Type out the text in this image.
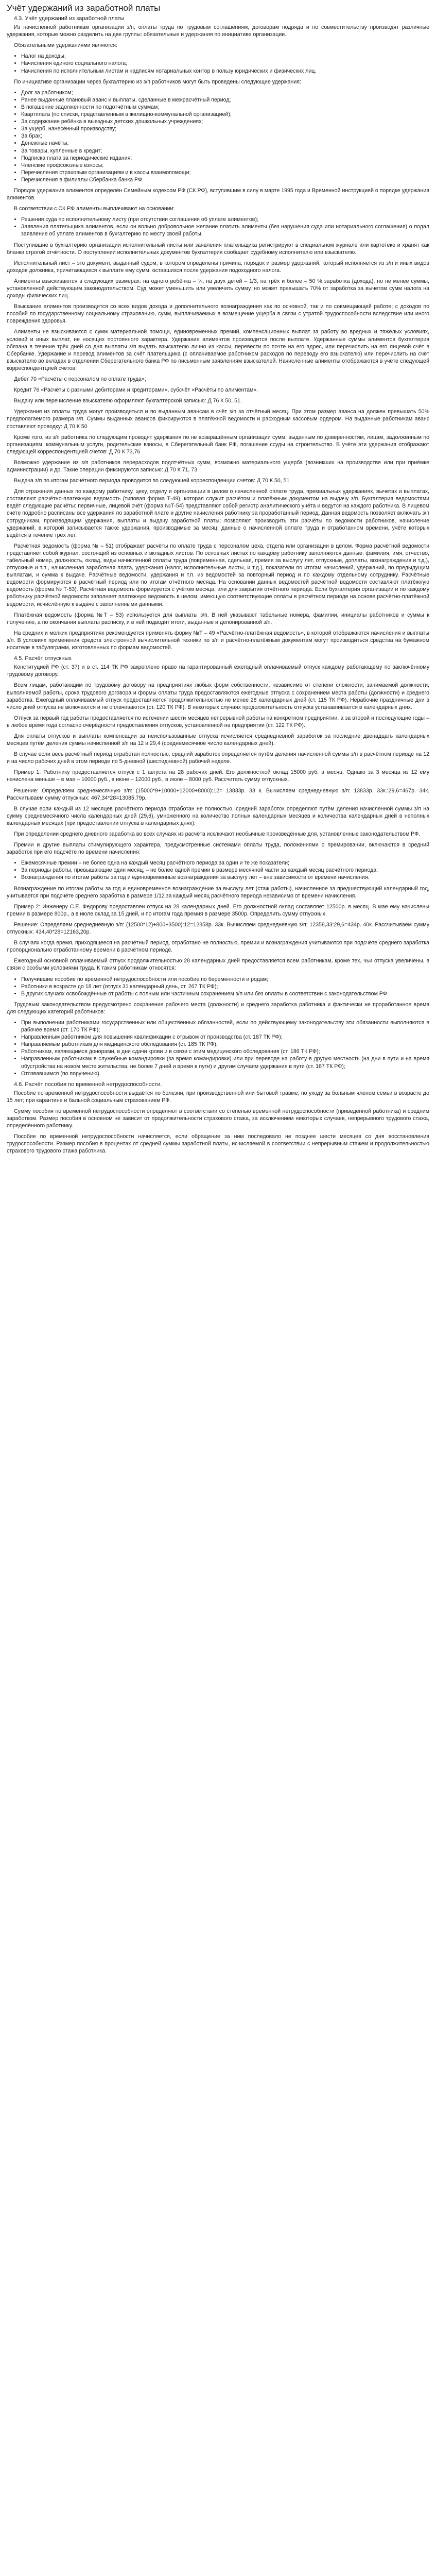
Учёт удержаний из заработной платы
4.3. Учёт удержаний из заработной платы

Из начисленной работникам организации з/п, оплаты труда по трудовым соглашениям, договорам подряда и по совместительству производят различные удержания, которые можно разделить на две группы: обязательные и удержания по инициативе организации.

Обязательными удержаниями являются:

• Налог на доходы;
• Начисления единого социального налога;
• Начисления по исполнительным листам и надписям нотариальных контор в пользу юридических и физических лиц.

По инициативе организации через бухгалтерию из з/п работников могут быть проведены следующие удержания:

• Долг за работником;
• Ранее выданные плановый аванс и выплаты, сделанные в межрасчётный период;
• В погашение задолженности по подотчётным суммам;
• Квартплата (по списки, представленным в жилищно-коммунальной организацией);
• За содержание ребёнка в выездных детских дошкольных учреждениях;
• За ущерб, нанесённый производству;
• За брак;
• Денежные начёты;
• За товары, купленные в кредит;
• Подписка плата за периодические издания;
• Членские профсоюзные взносы;
• Перечисления страховым организациям и в кассы взаимопомощи;
• Перечисления в филиалы Сбербанка банка РФ.

Порядок удержания алиментов определён Семейным кодексом РФ (СК РФ), вступившим в силу в марте 1995 года и Временной инструкцией о порядке удержания алиментов.

В соответствии с СК РФ алименты выплачивают на основании:

• Решения суда по исполнительному листу (при отсутствии соглашения об уплате алиментов);
• Заявления плательщика алиментов, если он вольно добровольное желание платить алименты (без нарушения суда или нотариального соглашения) о подал заявление об уплате алиментов в бухгалтерию по месту своей работы.

Поступившие в бухгалтерию организации исполнительный листы или заявления плательщика регистрируют в специальном журнале или картотеке и хранят как бланки строгой отчётности. О поступлении исполнительных документов бухгалтерия сообщает судебному исполнителю или взыскателю.

Исполнительный лист – это документ, выданный судом, в котором определены причина, порядок и размер удержаний, который исполняется из з/п и иных видов доходов должника, причитающихся к выплате ему сумм, оставшихся после удержания подоходного налога.

Алименты взыскиваются в следующих размерах: на одного ребёнка – ¼, на двух детей – 1/3, на трёх и более – 50 % заработка (дохода), но не менее суммы, установленной действующим законодательством. Суд может уменьшить или увеличить сумму, но может превышать 70% от заработка за вычетом сумм налога на доходы физических лиц.

Взыскание алиментов производится со всех видов дохода и дополнительного вознаграждения как по основной, так и по совмещающей работе; с доходов по пособий по государственному социальному страхованию, сумм, выплачиваемых в возмещение ущерба в связи с утратой трудоспособности вследствие или иного повреждения здоровья.

Алименты не взыскиваются с сумм материальной помощи, единовременных премий, компенсационных выплат за работу во вредных и тяжёлых условиях, условий и иных выплат, не носящих постоянного характера. Удержание алиментов производится после выплате. Удержанные суммы алиментов бухгалтерия обязана в течение трёх дней со дня выплаты з/п выдать взыскателю лично из кассы, перевести по почте на его адрес, или перечислить на его лицевой счёт в Сбербанке. Удержание и перевод алиментов за счёт плательщика (с оплачиваемое работником расходов по переводу его взыскателю) или перечислить на счёт взыскателю во вкладах в отделении Сберегательного банка РФ по письменным заявлениям взыскателей. Начисленные алименты отображаются в учёте следующей корреспондентцией счетов:

Дебет 70 «Расчёты с персоналом по оплате труда»;

Кредит 76 «Расчёты с разными дебиторами и кредиторами», субсчёт «Расчёты по алиментам».

Выдачу или перечисление взыскателю оформляют бухгалтерской записью: Д 76 К 50, 51.

Удержания из оплаты труда могут производиться и по выданным авансам в счёт з/п за отчётный месяц. При этом размер аванса на должен превышать 50% предполагаемого размера з/п. Суммы выданных авансов фиксируются в платёжной ведомости и расходным кассовым ордером. На выданные работникам аванс составляют проводку: Д 70 К 50

Кроме того, из з/п работника по следующим проводят удержания по не возвращённым организации сумм, выданным по доверенностям, лицам, задолженным по организациям, коммунальным услуги, родительские взносы, в Сберегательный банк РФ, погашение ссуды на строительство. В учёте эти удержания отображают следующей корреспондентцией счетов: Д 70 К 73,76

Возможно удержание из з/п работников перерасходов подотчётных сумм, возможно материального ущерба (возникших на производстве или при приёмке администрации) и др. Такие операции фиксируются записью: Д 70 К 71, 73

Выдача з/п по итогам расчётного периода проводится по следующей корреспонденции счетов: Д 70 К 50, 51

Для отражения данных по каждому работнику, цеху, отделу и организации в целом о начисленной оплате труда, премиальных удержаниях, вычетах и выплатах, составляют расчётно-платёжную ведомость (типовая форма Т-49), которая служит расчётом и платёжным документом на выдачу з/п. Бухгалтерия ведомостями ведёт следующие расчёты: первичные, лицевой счёт (форма №Т-54) представляют собой регистр аналитического учёта и ведутся на каждого работника. В лицевом счёте подробно расписаны все удержания по заработной плате и другие начисления работнику за проработанный период. Данная ведомость позволяет включать з/п сотрудникам, производящим удержания, выплаты и выдачу заработной платы; позволяют производить эти расчёты по ведомости работников, начисление удержаний, в которой записывается также удержания, производимые за месяц; данные о начисленной оплате труда и отработанном времени, учёте которых ведётся в течение трёх лет.

Расчётная ведомость (форма № – 51) отображает расчёты по оплате труда с персоналом цеха, отдела или организации в целом. Форма расчётной ведомости представляет собой журнал, состоящий из основных и вкладных листов. По основных листах по каждому работнику заполняются данные: фамилия, имя, отчество, табельный номер, должность, оклад, виды начисленной оплаты труда (повременная, сдельная, премия за выслугу лет, отпускные, доплаты, вознаграждения и т.д.), отпускные и т.п., начисленная заработная плата, удержания (налог, исполнительные листы, и т.д.), показатели по итогам начислений, удержаний, по предыдущим выплатам, и сумма к выдаче. Расчётные ведомости, удержания и т.п. из ведомостей за повторный период и по каждому отдельному сотруднику. Расчётные ведомости формируются в расчётный период или по итогам отчётного месяца. На основании данных ведомостей расчётной ведомости составляют платёжную ведомость (форма № Т-53). Расчётная ведомость формируется с учётом месяца, или для закрытия отчётного периода. Если бухгалтерия организации и по каждому работнику расчётной ведомости заполняет платёжную ведомость в целом, имеющую соответствующие оплаты в расчётном периоде на основе расчётно-платёжной ведомости, исчислённую к выдаче с заполненными данными.

Платёжная ведомость (форма №Т – 53) используется для выплаты з/п. В ней указывают табельные номера, фамилии, инициалы работников и суммы к получению, а по окончании выплаты расписку, и в ней подводят итоги, выданные и депонированной з/п.

На средних и мелких предприятиях рекомендуется применять форму №Т – 49 «Расчётно-платёжная ведомость», в которой отображаются начисления и выплаты з/п. В условиях применения средств электронной вычислительной техники по з/п и расчётно-платёжным документам могут производиться средства на бумажном носителе в табуляграмм, изготовленных по формам ведомостей.

4.5. Расчёт отпускных

Конституцией РФ (ст. 37) и в ст. 114 ТК РФ закреплено право на гарантированный ежегодный оплачиваемый отпуск каждому работающему по заключённому трудовому договору.

Всем лицам, работающим по трудовому договору на предприятиях любых форм собственности, независимо от степени сложности, занимаемой должности, выполняемой работы, срока трудового договора и формы оплаты труда предоставляются ежегодные отпуска с сохранением места работы (должности) и среднего заработка. Ежегодный оплачиваемый отпуск предоставляется продолжительностью не менее 28 календарных дней (ст. 115 ТК РФ). Нерабочие праздничные дни в число дней отпуска не включаются и не оплачиваются (ст. 120 ТК РФ). В некоторых случаях продолжительность отпуска устанавливается в календарных днях.

Отпуск за первый год работы предоставляется по истечении шести месяцев непрерывной работы на конкретном предприятии, а за второй и последующие годы – в любое время года согласно очерёдности предоставления отпусков, установленной на предприятии (ст. 122 ТК РФ).

Для оплаты отпусков и выплаты компенсации за неиспользованные отпуска исчисляется среднедневной заработок за последние двенадцать календарных месяцев путём деления суммы начисленной з/п на 12 и 29,4 (среднемесячное число календарных дней).

В случае если весь расчётный период отработан полностью, средний заработок определяется путём деления начисленной суммы з/п в расчётном периоде на 12 и на число рабочих дней в этом периоде по 5-дневной (шестидневной) рабочей неделе.

Пример 1: Работнику предоставляется отпуск с 1 августа на 28 рабочих дней. Его должностной оклад 15000 руб. в месяц. Однако за 3 месяца из 12 ему начислена меньше – в мае – 10000 руб., в июне – 12000 руб., в июле – 8000 руб. Рассчитать сумму отпускных.

Решение: Определяем среднемесячную з/п: (15000*9+10000+12000+8000):12= 13833р. 33 к. Вычисляем среднедневную з/п: 13833р. 33к.:29,6=467р. 34к. Рассчитываем сумму отпускных: 467,34*28=13085,79р.

В случае если каждый из 12 месяцев расчётного периода отработан не полностью, средний заработок определяют путём деления начисленной суммы з/п на сумму среднемесячного числа календарных дней (29,6), умноженного на количество полных календарных месяцев и количества календарных дней в неполных календарных месяцах (при предоставлении отпуска в календарных днях):

При определении среднего дневного заработка во всех случаях из расчёта исключают необычные произведённые для, установленные законодательством РФ.

Премии и другие выплаты стимулирующего характера, предусмотренные системами оплаты труда, положениями о премировании, включаются в средний заработок при его подсчёте по времени начисления:

• Ежемесячные премии – не более одна на каждый месяц расчётного периода за один и те же показатели;
• За периоды работы, превышающие один месяц, – не более одной премии в размере месячной части за каждый месяц расчётного периода;
• Вознаграждения по итогам работы за год и единовременные вознаграждения за выслугу лет – вне зависимости от времени начисления.

Вознаграждение по итогам работы за год и единовременное вознаграждение за выслугу лет (стаж работы), начисленное за предшествующий календарный год, учитывается при подсчёте среднего заработка в размере 1/12 за каждый месяц расчётного периода независимо от времени начисления.

Пример 2: Инженеру С.Е. Федорову предоставлен отпуск на 28 календарных дней. Его должностной оклад составляет 12500р. в месяц. В мае ему начислены премии в размере 800р., а в июле оклад за 15 дней, и по итогам года премия в размере 3500р. Определить сумму отпускных.

Решение: Определяем среднедневную з/п: (12500*12)+800+3500):12=12858р. 33к. Вычисляем среднедневную з/п: 12358,33:29,6=434р. 40к. Рассчитываем сумму отпускных: 434,40*28=12163,20р.

В случаях когда время, приходящееся на расчётный период, отработано не полностью, премии и вознаграждения учитываются при подсчёте среднего заработка пропорционально отработанному времени в расчётном периоде.

Ежегодный основной оплачиваемый отпуск продолжительностью 28 календарных дней предоставляется всем работникам, кроме тех, чьи отпуска увеличены, в связи с особыми условиями труда. К таким работникам относятся:

• Получившие пособие по временной нетрудоспособности или пособие по беременности и родам;
• Работники в возрасте до 18 лет (отпуск 31 календарный день, ст. 267 ТК РФ);
• В других случаях освобождённые от работы с полным или частичным сохранением з/п или без оплаты в соответствии с законодательством РФ.

Трудовым законодательством предусмотрено сохранение рабочего места (должности) и среднего заработка работника и фактически не проработанное время для следующих категорий работников:

• При выполнении работниками государственных или общественных обязанностей, если по действующему законодательству эти обязанности выполняются в рабочее время (ст. 170 ТК РФ);
• Направленным работником для повышения квалификации с отрывом от производства (ст. 187 ТК РФ);
• Направляемым работникам для медицинского обследования (ст. 185 ТК РФ);
• Работникам, являющимся донорами, в дни сдачи крови и в связи с этим медицинского обследования (ст. 186 ТК РФ);
• Направленным работникам в служебные командировки (за время командировки) или при переводе на работу в другую местность (на дни в пути и на время обустройства на новом месте жительства, не более 7 дней и время в пути) и другим случаям удержания в пути (ст. 167 ТК РФ);
• Отозвавшимся (по поручению).
4.6. Расчёт пособия по временной нетрудоспособности.

Пособие по временной нетрудоспособности выдаётся по болезни, при производственной или бытовой травме, по уходу за больным членом семьи в возрасте до 15 лет; при карантине и бальной социальным страхованием РФ.

Сумму пособия по временной нетрудоспособности определяют в соответствии со степенью временной нетрудоспособности (приведённой работника) и средним заработком. Размер пособия в основном не зависит от продолжительности страхового стажа, за исключением некоторых случаев, непрерывного трудового стажа, определённого работнику.

Пособие по временной нетрудоспособности начисляется, если обращение за ним последовало не позднее шести месяцев со дня восстановления трудоспособности. Размер пособия в процентах от средней суммы заработной платы, исчисляемой в соответствии с непрерывным стажем и продолжительностью страхового трудового стажа работника.
